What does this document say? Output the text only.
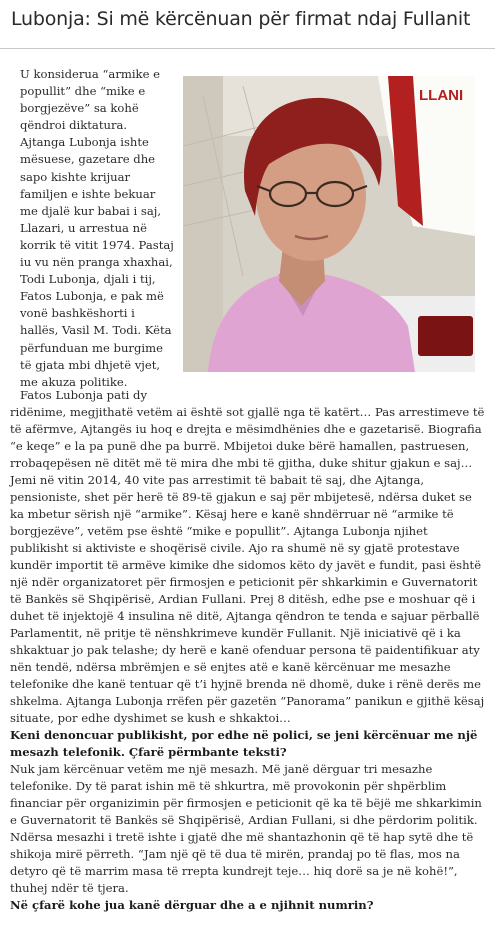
Lubonja: Si më kërcënuan për firmat ndaj Fullanit
U konsiderua “armike e popullit” dhe “mike e borgjezëve” sa kohë qëndroi diktatura. Ajtanga Lubonja ishte mësuese, gazetare dhe sapo kishte krijuar familjen e ishte bekuar me djalë kur babai i saj, Llazari, u arrestua në korrik të vitit 1974. Pastaj iu vu nën pranga xhaxhai, Todi Lubonja, djali i tij, Fatos Lubonja, e pak më vonë bashkëshorti i hallës, Vasil M. Todi. Këta përfunduan me burgime të gjata mbi dhjetë vjet, me akuza politike.
LLANI

Fatos Lubonja pati dy
ridënime, megjithatë vetëm ai është sot gjallë nga të katërt… Pas arrestimeve të të afërmve, Ajtangës iu hoq e drejta e mësimdhënies dhe e gazetarisë. Biografia “e keqe” e la pa punë dhe pa burrë. Mbijetoi duke bërë hamallen, pastruesen, rrobaqepësen në ditët më të mira dhe mbi të gjitha, duke shitur gjakun e saj… Jemi në vitin 2014, 40 vite pas arrestimit të babait të saj, dhe Ajtanga, pensioniste, shet për herë të 89-të gjakun e saj për mbijetesë, ndërsa duket se ka mbetur sërish një “armike”. Kësaj here e kanë shndërruar në “armike të borgjezëve”, vetëm pse është “mike e popullit”. Ajtanga Lubonja njihet publikisht si aktiviste e shoqërisë civile. Ajo ra shumë në sy gjatë protestave kundër importit të armëve kimike dhe sidomos këto dy javët e fundit, pasi është një ndër organizatoret për firmosjen e peticionit për shkarkimin e Guvernatorit të Bankës së Shqipërisë, Ardian Fullani. Prej 8 ditësh, edhe pse e moshuar që i duhet të injektojë 4 insulina në ditë, Ajtanga qëndron te tenda e sajuar përballë Parlamentit, në pritje të nënshkrimeve kundër Fullanit. Një iniciativë që i ka shkaktuar jo pak telashe; dy herë e kanë ofenduar persona të paidentifikuar aty nën tendë, ndërsa mbrëmjen e së enjtes atë e kanë kërcënuar me mesazhe telefonike dhe kanë tentuar që t’i hyjnë brenda në dhomë, duke i rënë derës me shkelma. Ajtanga Lubonja rrëfen për gazetën “Panorama” panikun e gjithë kësaj situate, por edhe dyshimet se kush e shkaktoi…

Keni denoncuar publikisht, por edhe në polici, se jeni kërcënuar me një mesazh telefonik. Çfarë përmbante teksti?

Nuk jam kërcënuar vetëm me një mesazh. Më janë dërguar tri mesazhe telefonike. Dy të parat ishin më të shkurtra, më provokonin për shpërblim financiar për organizimin për firmosjen e peticionit që ka të bëjë me shkarkimin e Guvernatorit të Bankës së Shqipërisë, Ardian Fullani, si dhe përdorim politik. Ndërsa mesazhi i tretë ishte i gjatë dhe më shantazhonin që të hap sytë dhe të shikoja mirë përreth. “Jam një që të dua të mirën, prandaj po të flas, mos na detyro që të marrim masa të rrepta kundrejt teje… hiq dorë sa je në kohë!”, thuhej ndër të tjera.

Në çfarë kohe jua kanë dërguar dhe a e njihnit numrin?
